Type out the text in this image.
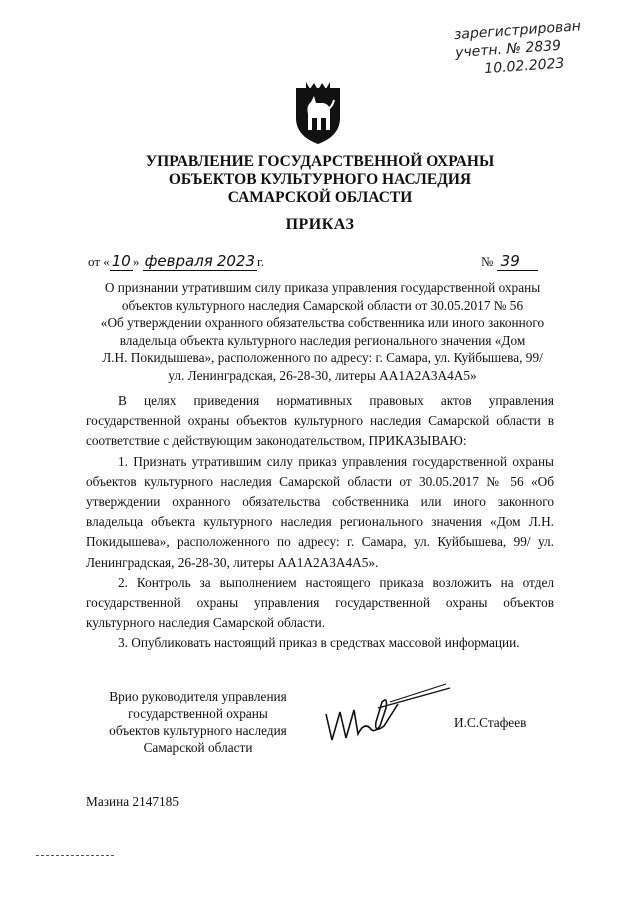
зарегистрирован
учетн. № 2839
10.02.2023
УПРАВЛЕНИЕ ГОСУДАРСТВЕННОЙ ОХРАНЫ
ОБЪЕКТОВ КУЛЬТУРНОГО НАСЛЕДИЯ
САМАРСКОЙ ОБЛАСТИ
ПРИКАЗ
от « 10 » февраля 2023 г.	№ 39
О признании утратившим силу приказа управления государственной охраны
объектов культурного наследия Самарской области от 30.05.2017 № 56
«Об утверждении охранного обязательства собственника или иного законного
владельца объекта культурного наследия регионального значения «Дом
Л.Н. Покидышева», расположенного по адресу: г. Самара, ул. Куйбышева, 99/
ул. Ленинградская, 26-28-30, литеры АА1А2А3А4А5»

В целях приведения нормативных правовых актов управления государственной охраны объектов культурного наследия Самарской области в соответствие с действующим законодательством, ПРИКАЗЫВАЮ:

1. Признать утратившим силу приказ управления государственной охраны объектов культурного наследия Самарской области от 30.05.2017 № 56 «Об утверждении охранного обязательства собственника или иного законного владельца объекта культурного наследия регионального значения «Дом Л.Н. Покидышева», расположенного по адресу: г. Самара, ул. Куйбышева, 99/ ул. Ленинградская, 26-28-30, литеры АА1А2А3А4А5».

2. Контроль за выполнением настоящего приказа возложить на отдел государственной охраны управления государственной охраны объектов культурного наследия Самарской области.

3. Опубликовать настоящий приказ в средствах массовой информации.

Врио руководителя управления
государственной охраны
объектов культурного наследия
Самарской области
И.С.Стафеев
Мазина 2147185
